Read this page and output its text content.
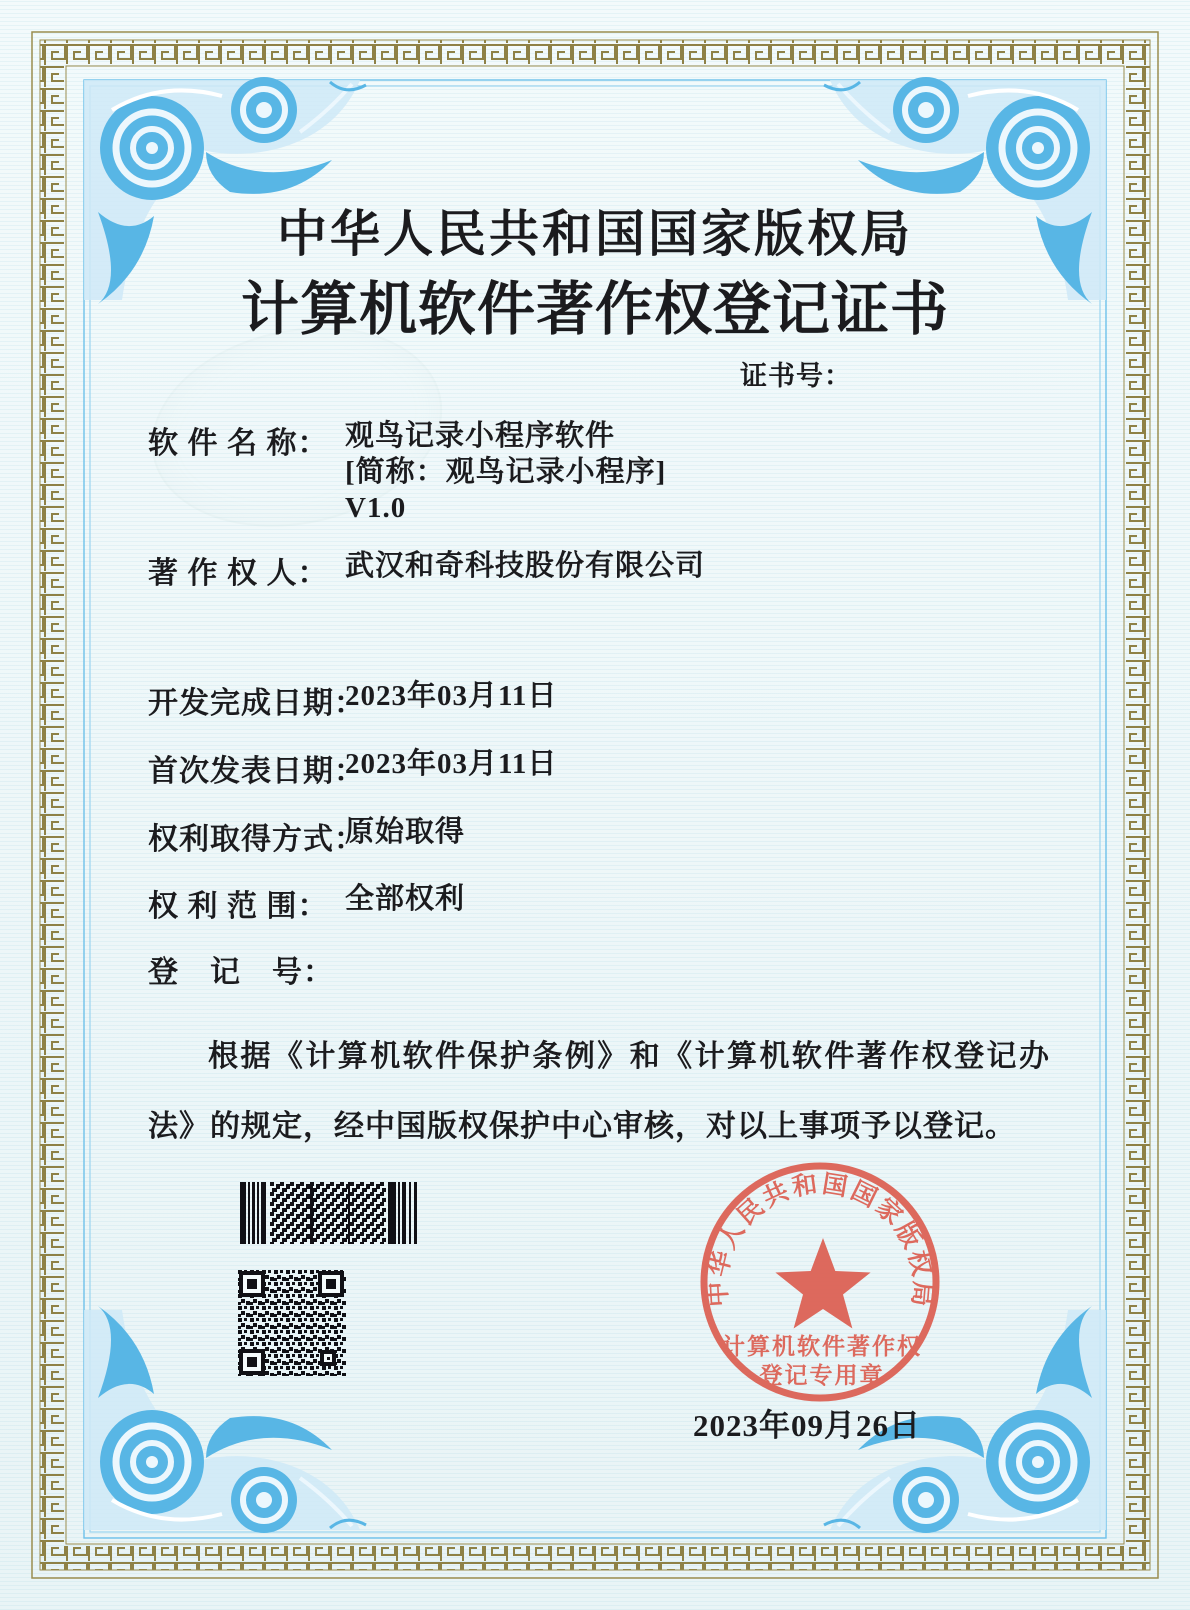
中华人民共和国国家版权局
计算机软件著作权登记证书
证书号：
软 件 名 称： 观鸟记录小程序软件
[简称：观鸟记录小程序]
V1.0
著 作 权 人： 武汉和奇科技股份有限公司
开发完成日期：
2023年03月11日
首次发表日期：
2023年03月11日
权利取得方式：
原始取得
权 利 范 围： 全部权利
登　记　号：
根据《计算机软件保护条例》和《计算机软件著作权登记办法》的规定，经中国版权保护中心审核，对以上事项予以登记。
中华人民共和国国家版权局
计算机软件著作权
登记专用章
2023年09月26日
